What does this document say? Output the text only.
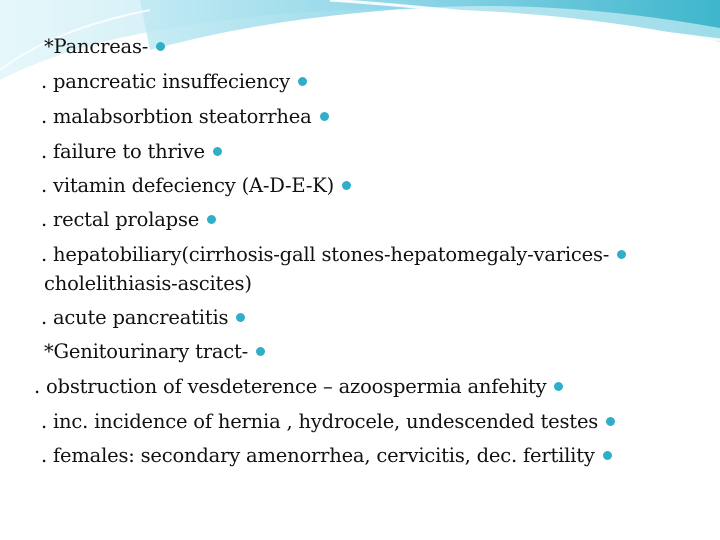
*Pancreas-
. pancreatic insuffeciency
. malabsorbtion steatorrhea
. failure to thrive
. vitamin defeciency (A-D-E-K)
. rectal prolapse
. hepatobiliary(cirrhosis-gall stones-hepatomegaly-varices-
cholelithiasis-ascites)
. acute pancreatitis
*Genitourinary tract-
. obstruction of vesdeterence – azoospermia anfehity
. inc. incidence of hernia , hydrocele, undescended testes
. females: secondary amenorrhea, cervicitis, dec. fertility
